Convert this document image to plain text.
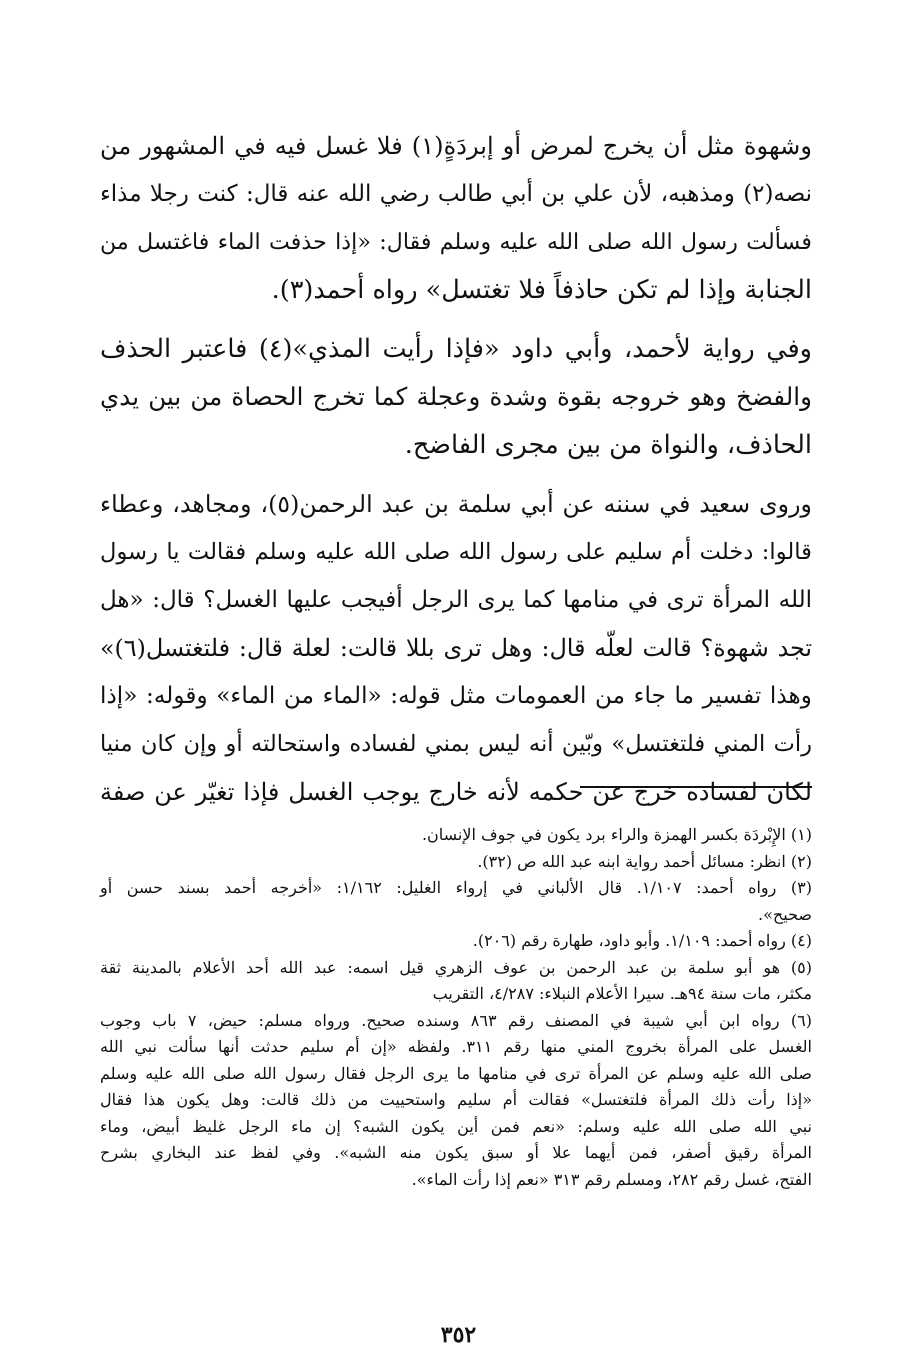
وشهوة مثل أن يخرج لمرض أو إبردَةٍ(١) فلا غسل فيه في المشهور من
نصه(٢) ومذهبه، لأن علي بن أبي طالب رضي الله عنه قال: كنت رجلا مذاء
فسألت رسول الله صلى الله عليه وسلم فقال: «إذا حذفت الماء فاغتسل من
الجنابة وإذا لم تكن حاذفاً فلا تغتسل» رواه أحمد(٣).

وفي رواية لأحمد، وأبي داود «فإذا رأيت المذي»(٤) فاعتبر الحذف
والفضخ وهو خروجه بقوة وشدة وعجلة كما تخرج الحصاة من بين يدي
الحاذف، والنواة من بين مجرى الفاضح.

وروى سعيد في سننه عن أبي سلمة بن عبد الرحمن(٥)، ومجاهد، وعطاء
قالوا: دخلت أم سليم على رسول الله صلى الله عليه وسلم فقالت يا رسول
الله المرأة ترى في منامها كما يرى الرجل أفيجب عليها الغسل؟ قال: «هل
تجد شهوة؟ قالت لعلّه قال: وهل ترى بللا قالت: لعلة قال: فلتغتسل(٦)»
وهذا تفسير ما جاء من العمومات مثل قوله: «الماء من الماء» وقوله: «إذا
رأت المني فلتغتسل» وبّين أنه ليس بمني لفساده واستحالته أو وإن كان منيا
لكان لفساده خرج عن حكمه لأنه خارج يوجب الغسل فإذا تغيّر عن صفة

(١) الإِبْردَة بكسر الهمزة والراء برد يكون في جوف الإنسان.

(٢) انظر: مسائل أحمد رواية ابنه عبد الله ص (٣٢).

(٣) رواه أحمد: ١/١٠٧. قال الألباني في إرواء الغليل: ١/١٦٢: «أخرجه أحمد بسند حسن أو
صحيح».

(٤) رواه أحمد: ١/١٠٩. وأبو داود، طهارة رقم (٢٠٦).

(٥) هو أبو سلمة بن عبد الرحمن بن عوف الزهري قيل اسمه: عبد الله أحد الأعلام بالمدينة ثقة
مكثر، مات سنة ٩٤هـ. سيرا الأعلام النبلاء: ٤/٢٨٧، التقريب

(٦) رواه ابن أبي شيبة في المصنف رقم ٨٦٣ وسنده صحيح. ورواه مسلم: حيض، ٧ باب وجوب
الغسل على المرأة بخروج المني منها رقم ٣١١. ولفظه «إن أم سليم حدثت أنها سألت نبي الله
صلى الله عليه وسلم عن المرأة ترى في منامها ما يرى الرجل فقال رسول الله صلى الله عليه وسلم
«إذا رأت ذلك المرأة فلتغتسل» فقالت أم سليم واستحييت من ذلك قالت: وهل يكون هذا فقال
نبي الله صلى الله عليه وسلم: «نعم فمن أين يكون الشبه؟ إن ماء الرجل غليظ أبيض، وماء
المرأة رقيق أصفر، فمن أيهما علا أو سبق يكون منه الشبه». وفي لفظ عند البخاري بشرح
الفتح، غسل رقم ٢٨٢، ومسلم رقم ٣١٣ «نعم إذا رأت الماء».

٣٥٢
